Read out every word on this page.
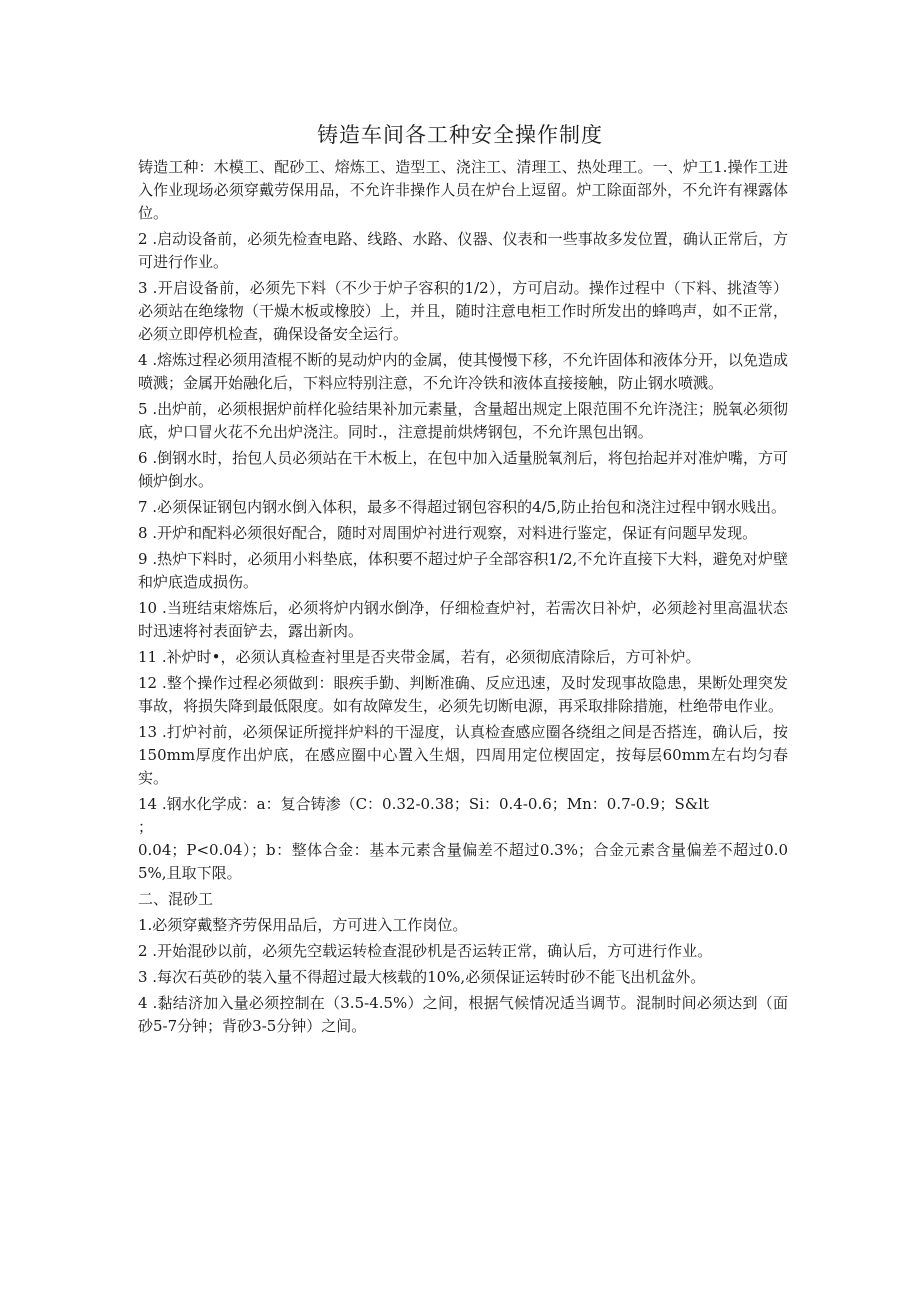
铸造车间各工种安全操作制度

铸造工种：木模工、配砂工、熔炼工、造型工、浇注工、清理工、热处理工。一、炉工1.操作工进入作业现场必须穿戴劳保用品，不允许非操作人员在炉台上逗留。炉工除面部外，不允许有裸露体位。

2 .启动设备前，必须先检查电路、线路、水路、仪器、仪表和一些事故多发位置，确认正常后，方可进行作业。

3 .开启设备前，必须先下料（不少于炉子容积的1/2），方可启动。操作过程中（下料、挑渣等）必须站在绝缘物（干燥木板或橡胶）上，并且，随时注意电柜工作时所发出的蜂鸣声，如不正常，必须立即停机检查，确保设备安全运行。

4 .熔炼过程必须用渣棍不断的晃动炉内的金属，使其慢慢下移，不允许固体和液体分开，以免造成喷溅；金属开始融化后，下料应特别注意，不允许冷铁和液体直接接触，防止钢水喷溅。

5 .出炉前，必须根据炉前样化验结果补加元素量，含量超出规定上限范围不允许浇注；脱氧必须彻底，炉口冒火花不允出炉浇注。同时.，注意提前烘烤钢包，不允许黑包出钢。

6 .倒钢水时，抬包人员必须站在干木板上，在包中加入适量脱氧剂后，将包抬起并对准炉嘴，方可倾炉倒水。

7 .必须保证钢包内钢水倒入体积，最多不得超过钢包容积的4/5,防止抬包和浇注过程中钢水贱出。

8 .开炉和配料必须很好配合，随时对周围炉衬进行观察，对料进行鉴定，保证有问题早发现。

9 .热炉下料时，必须用小料垫底，体积要不超过炉子全部容积1/2,不允许直接下大料，避免对炉壁和炉底造成损伤。

10 .当班结束熔炼后，必须将炉内钢水倒净，仔细检查炉衬，若需次日补炉，必须趁衬里高温状态时迅速将衬表面铲去，露出新肉。

11 .补炉时•，必须认真检查衬里是否夹带金属，若有，必须彻底清除后，方可补炉。

12 .整个操作过程必须做到：眼疾手勤、判断准确、反应迅速，及时发现事故隐患，果断处理突发事故，将损失降到最低限度。如有故障发生，必须先切断电源，再采取排除措施，杜绝带电作业。

13 .打炉衬前，必须保证所搅拌炉料的干湿度，认真检查感应圈各绕组之间是否搭连，确认后，按150mm厚度作出炉底，在感应圈中心置入生烟，四周用定位楔固定，按每层60mm左右均匀春实。

14 .钢水化学成：a：复合铸渗（C：0.32-0.38；Si：0.4-0.6；Mn：0.7-0.9；S&lt
；

0.04；P<0.04）；b：整体合金：基本元素含量偏差不超过0.3%；合金元素含量偏差不超过0.05%,且取下限。

二、混砂工

1.必须穿戴整齐劳保用品后，方可进入工作岗位。

2 .开始混砂以前，必须先空载运转检查混砂机是否运转正常，确认后，方可进行作业。

3 .每次石英砂的装入量不得超过最大核载的10%,必须保证运转时砂不能飞出机盆外。

4 .黏结济加入量必须控制在（3.5-4.5%）之间，根据气候情况适当调节。混制时间必须达到（面砂5-7分钟；背砂3-5分钟）之间。
